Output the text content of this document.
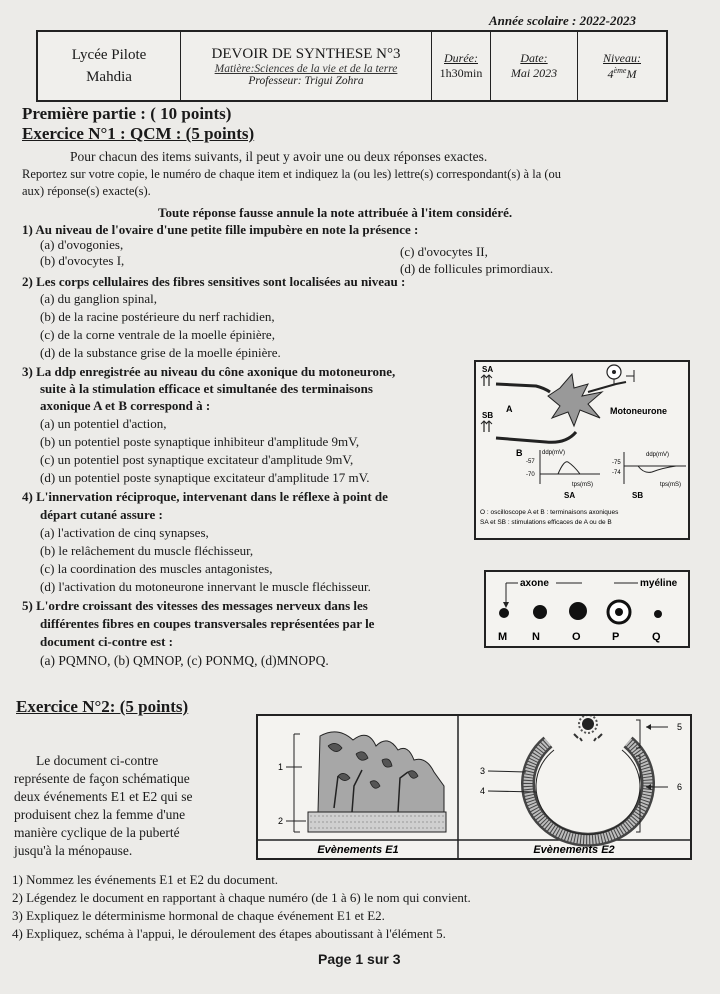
Année scolaire : 2022-2023
Lycée Pilote
Mahdia
DEVOIR DE SYNTHESE N°3
Matière:Sciences de la vie et de la terre
Professeur: Trigui Zohra
Durée:
1h30min
Date:
Mai 2023
Niveau:
4èmeM
Première partie : ( 10 points)
Exercice N°1 : QCM : (5 points)
Pour chacun des items suivants, il peut y avoir une ou deux réponses exactes.
Reportez sur votre copie, le numéro de chaque item et indiquez la (ou les) lettre(s) correspondant(s) à la (ou
aux) réponse(s) exacte(s).
Toute réponse fausse annule la note attribuée à l'item considéré.
1) Au niveau de l'ovaire d'une petite fille impubère en note la présence :
(a) d'ovogonies,
(b) d'ovocytes I,
(c) d'ovocytes II,
(d) de follicules primordiaux.
2) Les corps cellulaires des fibres sensitives sont localisées au niveau :
(a) du ganglion spinal,
(b) de la racine postérieure du nerf rachidien,
(c) de la corne ventrale de la moelle épinière,
(d) de la substance grise de la moelle épinière.
3) La ddp enregistrée au niveau du cône axonique du motoneurone,
suite à la stimulation efficace et simultanée des terminaisons
axonique A et B correspond à :
(a) un potentiel d'action,
(b) un potentiel poste synaptique inhibiteur d'amplitude 9mV,
(c) un potentiel post synaptique excitateur d'amplitude 9mV,
(d) un potentiel poste synaptique excitateur d'amplitude 17 mV.
4) L'innervation réciproque, intervenant dans le réflexe à point de
départ cutané assure :
(a) l'activation de cinq synapses,
(b) le relâchement du muscle fléchisseur,
(c) la coordination des muscles antagonistes,
(d) l'activation du motoneurone innervant le muscle fléchisseur.
5) L'ordre croissant des vitesses des messages nerveux dans les
différentes fibres en coupes transversales représentées par le
document ci-contre est :
(a) PQMNO, (b) QMNOP, (c) PONMQ, (d)MNOPQ.
SA
SB
A
B
Motoneurone
ddp(mV)
-57
-70
tps(mS)
SA
ddp(mV)
-75
-74
tps(mS)
SB
O : oscilloscope A et B : terminaisons axoniques
SA et SB : stimulations efficaces de A ou de B
axone	myéline
M N	O	P	Q
Exercice N°2: (5 points)
Le document ci-contre
représente de façon schématique
deux événements E1 et E2 qui se
produisent chez la femme d'une
manière cyclique de la puberté
jusqu'à la ménopause.
1
2
Evènements E1
3
4
5
6
Evènements E2
1) Nommez les événements E1 et E2 du document.
2) Légendez le document en rapportant à chaque numéro (de 1 à 6) le nom qui convient.
3) Expliquez le déterminisme hormonal de chaque événement E1 et E2.
4) Expliquez, schéma à l'appui, le déroulement des étapes aboutissant à l'élément 5.
Page 1 sur 3
